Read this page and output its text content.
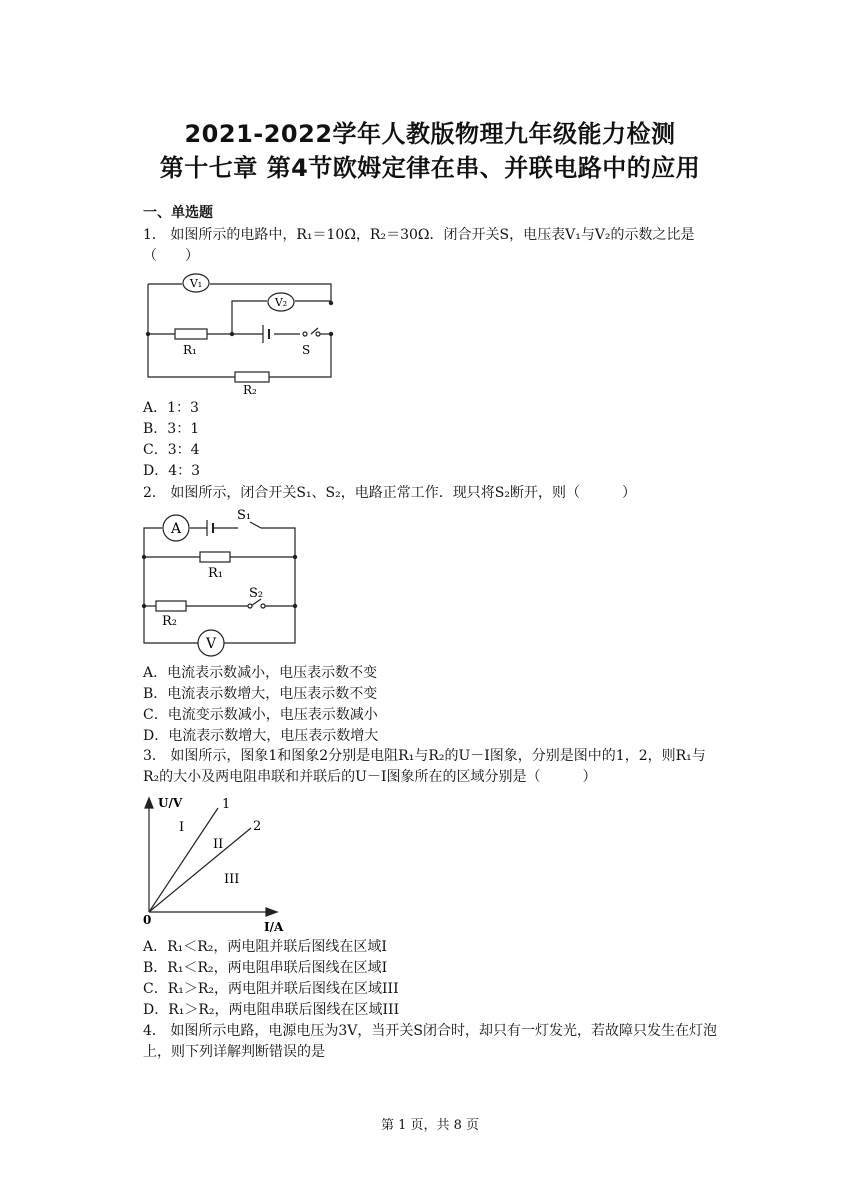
2021-2022学年人教版物理九年级能力检测
第十七章 第4节欧姆定律在串、并联电路中的应用
一、单选题
1． 如图所示的电路中，R₁＝10Ω，R₂＝30Ω．闭合开关S，电压表V₁与V₂的示数之比是（　　）
V₁
V₂
R₁
R₂
S
A．1：3
B．3：1
C．3：4
D．4：3
2． 如图所示，闭合开关S₁、S₂，电路正常工作．现只将S₂断开，则（　　　）
A
S₁
R₁
S₂
R₂
V
A．电流表示数减小，电压表示数不变
B．电流表示数增大，电压表示数不变
C．电流变示数减小，电压表示数减小
D．电流表示数增大，电压表示数增大
3． 如图所示，图象1和图象2分别是电阻R₁与R₂的U－I图象，分别是图中的1，2，则R₁与R₂的大小及两电阻串联和并联后的U－I图象所在的区域分别是（　　　）
U/V
I/A
0
1
2
I
II
III
A．R₁＜R₂，两电阻并联后图线在区域I
B．R₁＜R₂，两电阻串联后图线在区域I
C．R₁＞R₂，两电阻并联后图线在区域III
D．R₁＞R₂，两电阻串联后图线在区域III
4． 如图所示电路，电源电压为3V，当开关S闭合时，却只有一灯发光，若故障只发生在灯泡上，则下列详解判断错误的是
第 1 页，共 8 页
